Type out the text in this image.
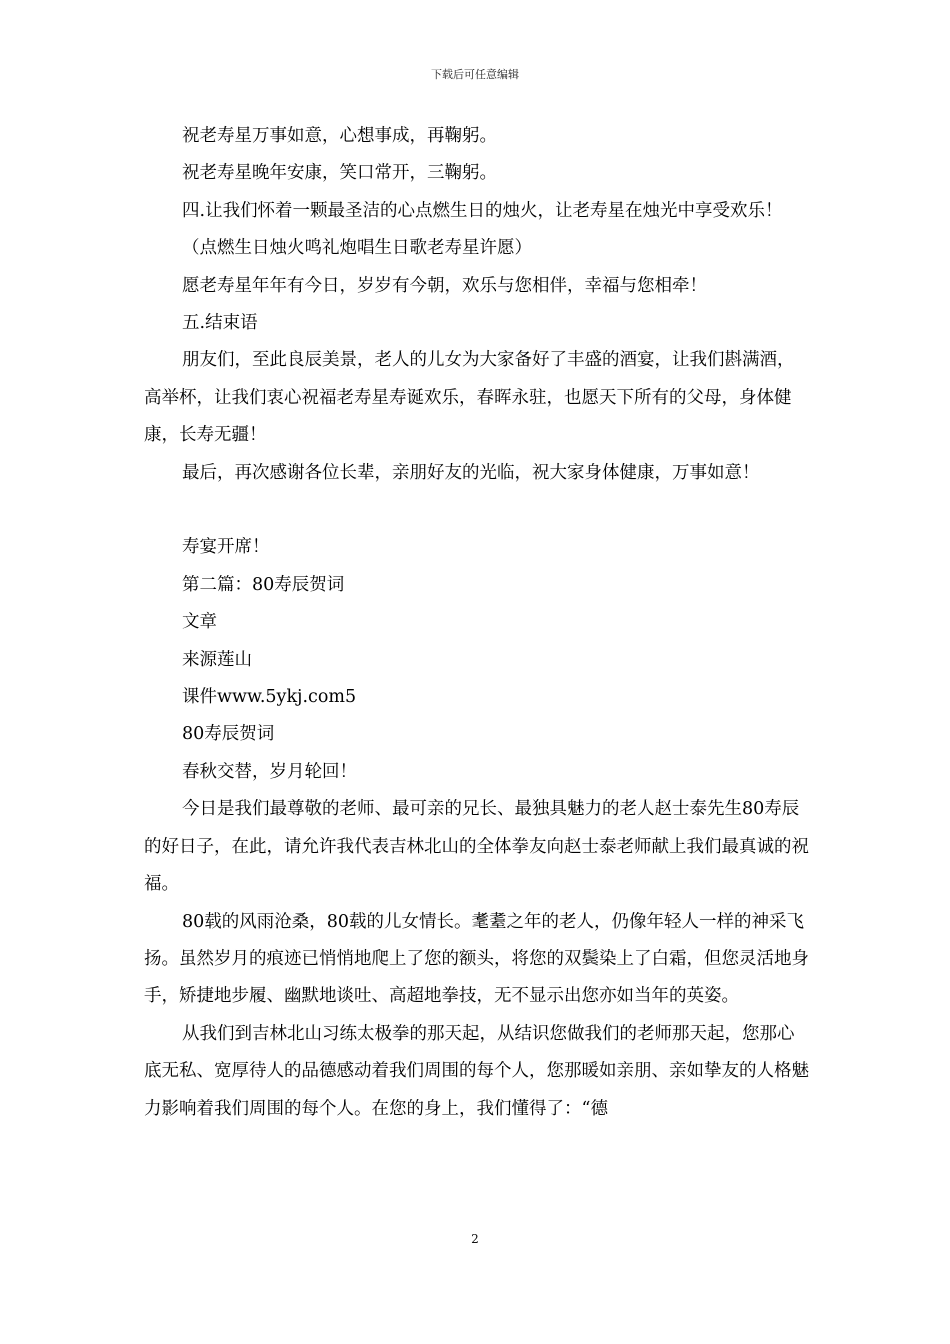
下载后可任意编辑

祝老寿星万事如意，心想事成，再鞠躬。

祝老寿星晚年安康，笑口常开，三鞠躬。

四.让我们怀着一颗最圣洁的心点燃生日的烛火，让老寿星在烛光中享受欢乐！

（点燃生日烛火鸣礼炮唱生日歌老寿星许愿）

愿老寿星年年有今日，岁岁有今朝，欢乐与您相伴，幸福与您相牵！

五.结束语

朋友们，至此良辰美景，老人的儿女为大家备好了丰盛的酒宴，让我们斟满酒，高举杯，让我们衷心祝福老寿星寿诞欢乐，春晖永驻，也愿天下所有的父母，身体健康，长寿无疆！

最后，再次感谢各位长辈，亲朋好友的光临，祝大家身体健康，万事如意！

寿宴开席！

第二篇：80寿辰贺词

文章

来源莲山

课件www.5ykj.com5

80寿辰贺词

春秋交替，岁月轮回！

今日是我们最尊敬的老师、最可亲的兄长、最独具魅力的老人赵士泰先生80寿辰的好日子，在此，请允许我代表吉林北山的全体拳友向赵士泰老师献上我们最真诚的祝福。

80载的风雨沧桑，80载的儿女情长。耄耋之年的老人，仍像年轻人一样的神采飞扬。虽然岁月的痕迹已悄悄地爬上了您的额头，将您的双鬓染上了白霜，但您灵活地身手，矫捷地步履、幽默地谈吐、高超地拳技，无不显示出您亦如当年的英姿。

从我们到吉林北山习练太极拳的那天起，从结识您做我们的老师那天起，您那心底无私、宽厚待人的品德感动着我们周围的每个人，您那暖如亲朋、亲如挚友的人格魅力影响着我们周围的每个人。在您的身上，我们懂得了：“德

2
